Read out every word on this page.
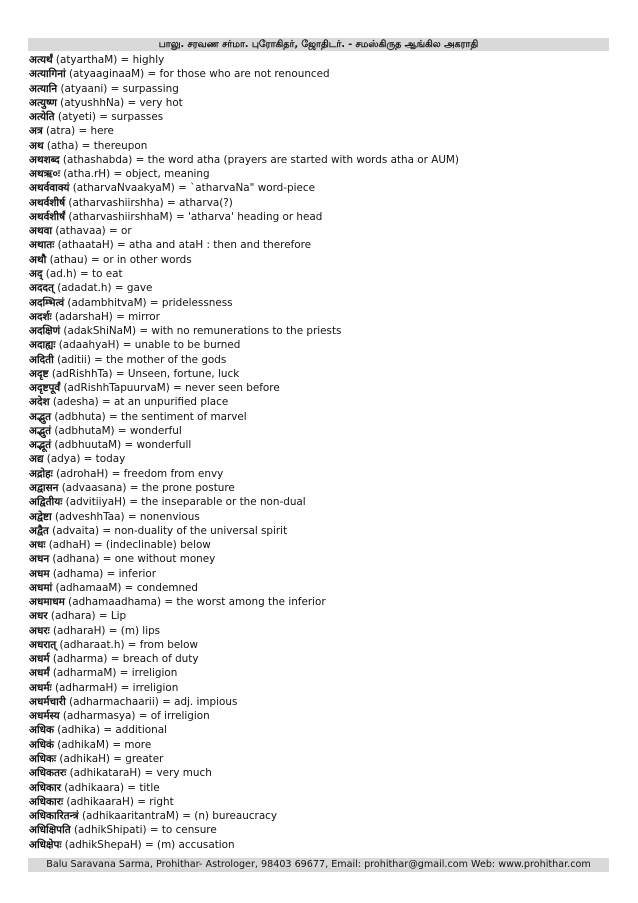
பாலு. சரவண சர்மா. புரோகிதர், ஜோதிடர். - சமஸ்கிருத ஆங்கில அகராதி
अत्यर्थं (atyarthaM) = highly
अत्यागिनां (atyaaginaaM) = for those who are not renounced
अत्यानि (atyaani) = surpassing
अत्युष्ण (atyushhNa) = very hot
अत्येति (atyeti) = surpasses
अत्र (atra) = here
अथ (atha) = thereupon
अथशब्द (athashabda) = the word atha (prayers are started with words atha or AUM)
अथऋ०ः (atha.rH) = object, meaning
अथर्ववाक्यं (atharvaNvaakyaM) = `atharvaNa" word-piece
अथर्वशीर्ष (atharvashiirshha) = atharva(?)
अथर्वशीर्षं (atharvashiirshhaM) = 'atharva' heading or head
अथवा (athavaa) = or
अथातः (athaataH) = atha and ataH : then and therefore
अथौ (athau) = or in other words
अद् (ad.h) = to eat
अददत् (adadat.h) = gave
अदम्भित्वं (adambhitvaM) = pridelessness
अदर्शः (adarshaH) = mirror
अदक्षिणं (adakShiNaM) = with no remunerations to the priests
अदाह्यः (adaahyaH) = unable to be burned
अदिती (aditii) = the mother of the gods
अदृष्ट (adRishhTa) = Unseen, fortune, luck
अदृष्टपूर्वं (adRishhTapuurvaM) = never seen before
अदेश (adesha) = at an unpurified place
अद्भुत (adbhuta) = the sentiment of marvel
अद्भुतं (adbhutaM) = wonderful
अद्भूतं (adbhuutaM) = wonderfull
अद्य (adya) = today
अद्रोहः (adrohaH) = freedom from envy
अद्वासन (advaasana) = the prone posture
अद्वितीयः (advitiiyaH) = the inseparable or the non-dual
अद्वेष्टा (adveshhTaa) = nonenvious
अद्वैत (advaita) = non-duality of the universal spirit
अधः (adhaH) = (indeclinable) below
अधन (adhana) = one without money
अधम (adhama) = inferior
अधमां (adhamaaM) = condemned
अधमाधम (adhamaadhama) = the worst among the inferior
अधर (adhara) = Lip
अधरः (adharaH) = (m) lips
अधरात् (adharaat.h) = from below
अधर्म (adharma) = breach of duty
अधर्मं (adharmaM) = irreligion
अधर्मः (adharmaH) = irreligion
अधर्मचारी (adharmachaarii) = adj. impious
अधर्मस्य (adharmasya) = of irreligion
अधिक (adhika) = additional
अधिकं (adhikaM) = more
अधिकः (adhikaH) = greater
अधिकतरः (adhikataraH) = very much
अधिकार (adhikaara) = title
अधिकारः (adhikaaraH) = right
अधिकारितन्त्रं (adhikaaritantraM) = (n) bureaucracy
अधिक्षिपति (adhikShipati) = to censure
अधिक्षेपः (adhikShepaH) = (m) accusation
Balu Saravana Sarma, Prohithar- Astrologer, 98403 69677, Email: prohithar@gmail.com Web: www.prohithar.com
